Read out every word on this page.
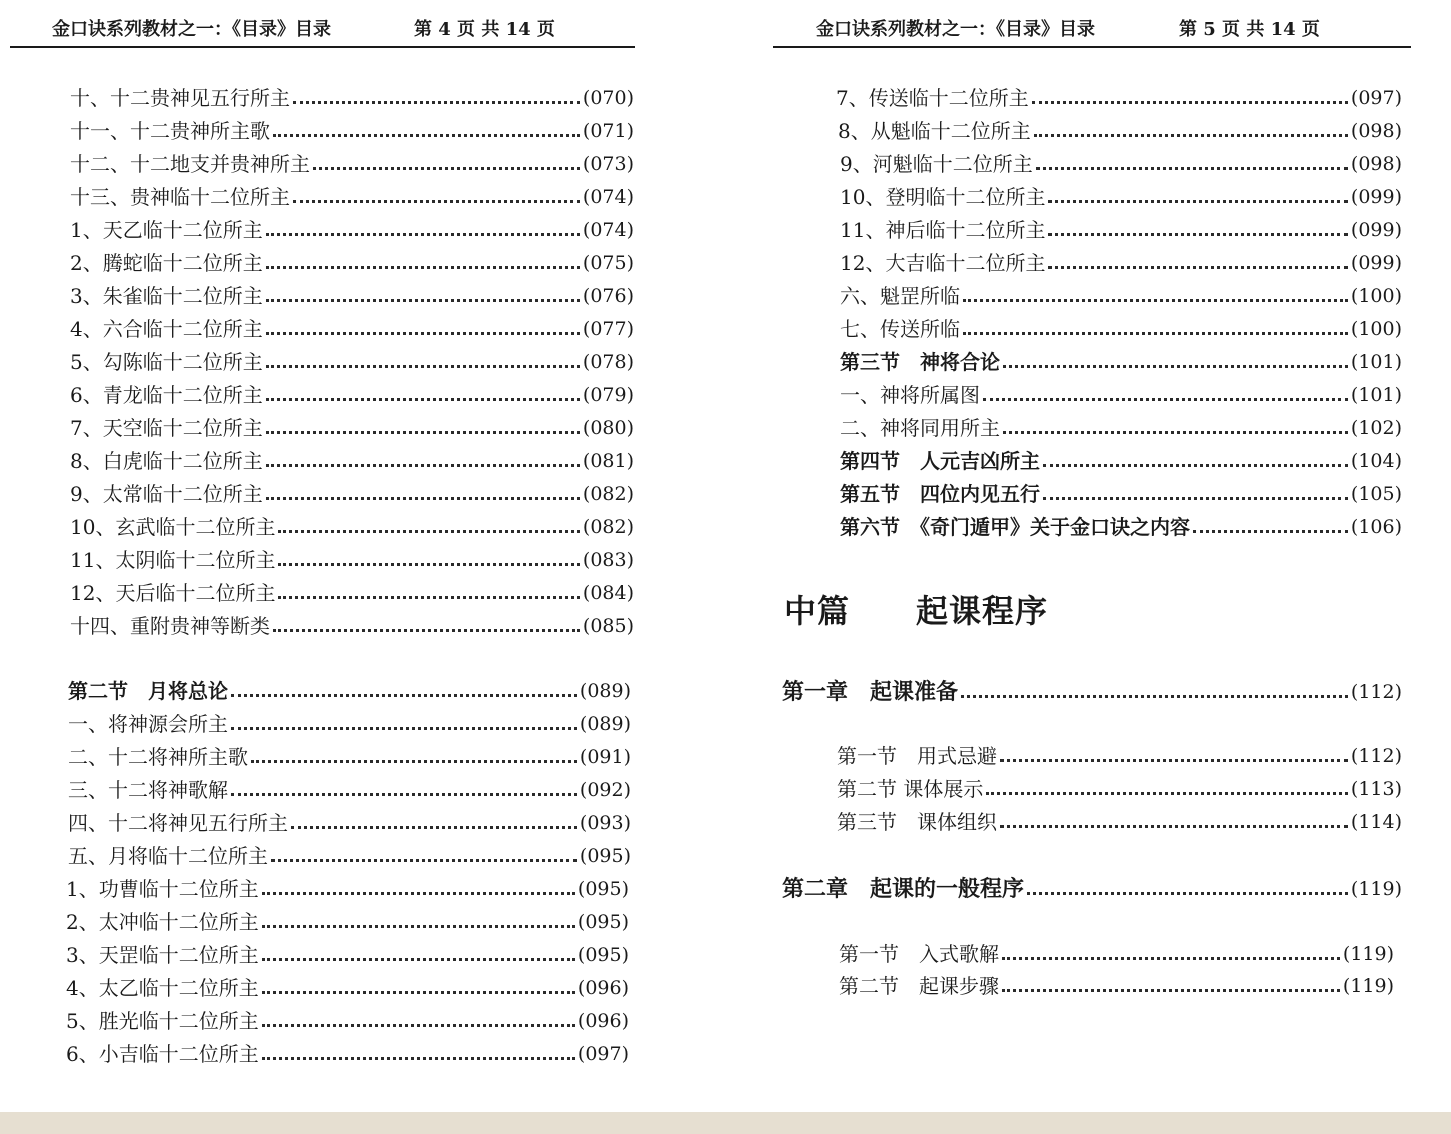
金口诀系列教材之一：《目录》目录	第 4 页 共 14 页
十、十二贵神见五行所主	(070)
十一、十二贵神所主歌	(071)
十二、十二地支并贵神所主	(073)
十三、贵神临十二位所主	(074)
1、天乙临十二位所主	(074)
2、腾蛇临十二位所主	(075)
3、朱雀临十二位所主	(076)
4、六合临十二位所主	(077)
5、勾陈临十二位所主	(078)
6、青龙临十二位所主	(079)
7、天空临十二位所主	(080)
8、白虎临十二位所主	(081)
9、太常临十二位所主	(082)
10、玄武临十二位所主	(082)
11、太阴临十二位所主	(083)
12、天后临十二位所主	(084)
十四、重附贵神等断类	(085)
第二节　月将总论	(089)
一、将神源会所主	(089)
二、十二将神所主歌	(091)
三、十二将神歌解	(092)
四、十二将神见五行所主	(093)
五、月将临十二位所主	(095)
1、功曹临十二位所主	(095)
2、太冲临十二位所主	(095)
3、天罡临十二位所主	(095)
4、太乙临十二位所主	(096)
5、胜光临十二位所主	(096)
6、小吉临十二位所主	(097)
金口诀系列教材之一：《目录》目录	第 5 页 共 14 页
7、传送临十二位所主	(097)
8、从魁临十二位所主	(098)
9、河魁临十二位所主	(098)
10、登明临十二位所主	(099)
11、神后临十二位所主	(099)
12、大吉临十二位所主	(099)
六、魁罡所临	(100)
七、传送所临	(100)
第三节　神将合论	(101)
一、神将所属图	(101)
二、神将同用所主	(102)
第四节　人元吉凶所主	(104)
第五节　四位内见五行	(105)
第六节　《奇门遁甲》关于金口诀之内容	(106)
中篇　　起课程序
第一章　起课准备	(112)
第一节　用式忌避	(112)
第二节 课体展示	(113)
第三节　课体组织	(114)
第二章　起课的一般程序	(119)
第一节　入式歌解	(119)
第二节　起课步骤	(119)
